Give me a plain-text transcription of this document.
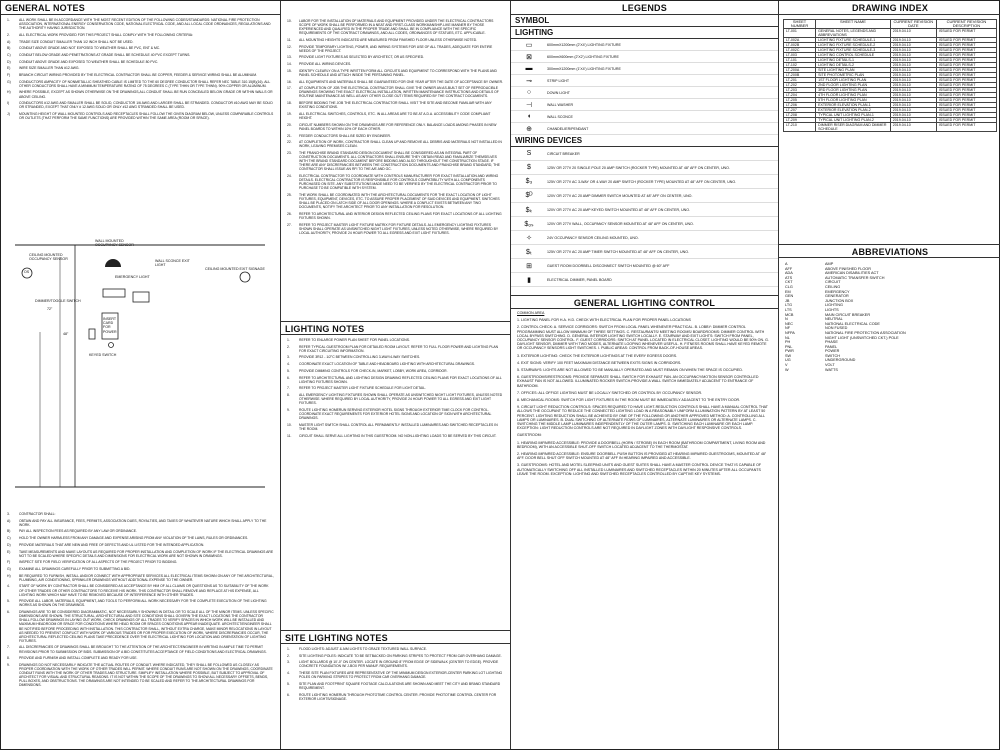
GENERAL NOTES
1.	ALL WORK SHALL BE IN ACCORDANCE WITH THE MOST RECENT EDITION OF THE FOLLOWING CODES/STANDARDS: NATIONAL FIRE PROTECTION ASSOCIATION, INTERNATIONAL ENERGY CONSERVATION CODE, NATIONAL ELECTRICAL CODE, AND ALL LOCAL CODE ORDINANCES, REGULATIONS AND THE AUTHORITY HAVING JURISDICTION.
2.	ALL ELECTRICAL WORK PROVIDED FOR THIS PROJECT SHALL COMPLY WITH THE FOLLOWING CRITERIA:
A)	TRADE SIZE CONDUIT SMALLER THAN 1/2 INCH SHALL NOT BE USED.
B)	CONDUIT ABOVE GRADE AND NOT EXPOSED TO WEATHER SHALL BE PVC, ENT & MC.
C)	CONDUIT BELOW GRADE AND PENETRATIONS AT GRADE SHALL BE SCHEDULE 40 PVC EXCEPT TURNS.
D)	CONDUIT ABOVE GRADE AND EXPOSED TO WEATHER SHALL BE SCHEDULE 80 PVC.
E)	WIRE SIZE SMALLER THAN #12 AWG.
F)	BRANCH CIRCUIT WIRING PROVIDED BY THE ELECTRICAL CONTRACTOR SHALL BE COPPER, FEEDER & SERVICE WIRING SHALL BE ALUMINUM.
G)	CONDUCTORS AMPACITY OF NONMETALLIC SHEATHED CABLE IS LIMITED TO THE 60 DEGREE CONDUCTOR SHALL REFER NEC TABLE 310.15(B)(16). ALL OTHER CONDUCTORS SHALL HAVE A MINIMUM TEMPERATURE RATING OF 75 DEGREES C (TYPE THHN OR TYPE THWN). 90% COPPER OR ALUMINUM.
H)	WHERE POSSIBLE, EXCEPT AS SHOWN OTHERWISE ON THE DRAWINGS,ALL CONDUIT SHALL BE RUN CONCEALED BELOW GRADE OR WITHIN WALLS OR ABOVE CEILING.
I)	CONDUCTORS #12 AWG AND SMALLER SHALL BE SOLID, CONDUCTOR 1/6 AWG AND LARGER SHALL BE STRANDED. CONDUCTOR #10 AWG MAY BE SOLID OR STRANDED, EXCEPT THAT ONLY # 12 AWG SOLID OR ONLY #12 AWG STRANDED SHALL BE USED.
J)	MOUNTING HEIGHT OF WALL MOUNTED CONTROLS AND RECEPTACLES SHALL FOLLOW THE GIVEN DIAGRAM BELOW, UNLESS COMPARABLE CONTROLS OR OUTLETS (THAT PERFORM THE SAME FUNCTIONS) ARE PROVIDED WITHIN THE SAME AREA (ROOM OR SPACE).
CEILING MOUNTED OCCUPANCY SENSOR
OS
WALL MOUNTED OCCUPANCY SENSOR
EMERGENCY LIGHT
WALL SCONCE EXIT LIGHT
CEILING MOUNTED EXIT SIGNAGE
DIMMER/TOGGLE SWITCH
INSERT CARD FOR POWER
KEYED SWITCH
72"
48"
3.	CONTRACTOR SHALL:
A)	OBTAIN AND PAY ALL INSURANCE, FEES, PERMITS, ASSOCIATION DUES, ROYALTIES, AND TAXES OF WHATEVER NATURE WHICH SHALL APPLY TO THE WORK.
B)	PAY ALL INSPECTION FEES AS REQUIRED BY ANY LAW OR ORDINANCE.
C)	HOLD THE OWNER HARMLESS FROM ANY DAMAGE AND EXPENSE ARISING FROM ANY VIOLATION OF THE LAWS, RULES OR ORDINANCES.
D)	PROVIDE MATERIALS THAT ARE NEW AND FREE OF DEFECTS AND UL LISTED FOR THE INTENDED APPLICATION.
E)	TAKE MEASUREMENTS AND MAKE LAYOUTS AS REQUIRED FOR PROPER INSTALLATION AND COMPLETION OF WORK IF THE ELECTRICAL DRAWINGS ARE NOT TO BE SCALED WHERE SPECIFIC DETAILS AND DIMENSIONS FOR ELECTRICAL WORK ARE NOT SHOWN IN DRAWINGS.
F)	INSPECT SITE FOR FIELD VERIFICATION OF ALL ASPECTS OF THE PROJECT PRIOR TO BIDDING.
G)	EXAMINE ALL DRAWINGS CAREFULLY PRIOR TO SUBMITTING A BID.
H)	BE REQUIRED TO FURNISH, INSTALL AND/OR CONNECT WITH APPROPRIATE SERVICES ALL ELECTRICAL ITEMS SHOWN ON ANY OF THE ARCHITECTURAL, PLUMBING, AIR CONDITIONING, SPRINKLER DRAWINGS WITHOUT ADDITIONAL EXPENSE TO THE OWNER.
4.	START OF WORK BY CONTRACTOR SHALL BE CONSIDERED AS ACCEPTANCE BY HIM OF ALL CLAIMS OR QUESTIONS AS TO SUITABILITY OF THE WORK OF OTHER TRADES OR OTHER CONTRACTORS TO RECEIVE HIS WORK. THIS CONTRACTOR SHALL REMOVE AND REPLACE AT HIS EXPENSE, ALL LIGHTING WORK WHICH MAY HAVE TO BE REMOVED BECAUSE OF INTERFERENCE WITH OTHER TRADES.
5.	PROVIDE ALL LABOR, MATERIALS, EQUIPMENT, AND TOOLS TO PERFORM ALL WORK NECESSARY FOR THE COMPLETE EXECUTION OF THE LIGHTING WORKS AS SHOWN ON THE DRAWINGS.
6.	DRAWINGS ARE TO BE CONSIDERED DIAGRAMMATIC, NOT NECESSARILY SHOWING IN DETAIL OR TO SCALE ALL OF THE MINOR ITEMS. UNLESS SPECIFIC DIMENSIONS ARE SHOWN. THE STRUCTURAL, ARCHITECTURAL AND SITE CONDITIONS SHALL GOVERN THE EXACT LOCATIONS THE CONTRACTOR SHALL FOLLOW DRAWINGS IN LAYING OUT WORK, CHECK DRAWINGS OF ALL TRADES TO VERIFY SPACES IN WHICH WORK WILL BE INSTALLED AND MAXIMUM HEADROOM OR SPACE FOR CONDITIONS WHERE HEAD ROOM OR SPACES CONDITIONS APPEAR INADEQUATE. ARCHITECT/ENGINEER SHALL BE NOTIFIED BEFORE PROCEEDING WITH INSTALLATION. THIS CONTRACTOR SHALL, WITHOUT EXTRA CHARGE, MAKE MINOR RELOCATIONS IN LAYOUT AS NEEDED TO PREVENT CONFLICT WITH WORK OF VARIOUS TRADES OR FOR PROPER EXECUTION OF WORK, WHERE DISCREPANCIES OCCUR, THE ARCHITECTURAL REFLECTED CEILING PLANS TAKE PRECEDENCE OVER THE ELECTRICAL LIGHTING FOR LOCATION AND ORIENTATION OF LIGHTING FIXTURES.
7.	ALL DISCREPANCIES OF DRAWINGS SHALL BE BROUGHT TO THE ATTENTION OF THE ARCHITECT/ENGINEER IN WRITING IN AMPLE TIME TO PERMIT REVISIONS PRIOR TO SUBMISSION OF BIDS. SUBMISSION OF A BID CONSTITUTES ACCEPTANCE OF FIELD CONDITIONS AND ELECTRICAL DRAWINGS.
8.	PROVIDE AND FURNISH AND INSTALL COMPLETE AND READY FOR USE.
9.	DRAWINGS DO NOT NECESSARILY INDICATE THE ACTUAL ROUTES OF CONDUIT. WHERE INDICATED, THEY SHALL BE FOLLOWED AS CLOSELY AS PROPER COORDINATION WITH THE WORK OF OTHER TRADES WILL PERMIT. WHERE CONDUIT RUNS ARE NOT SHOWN ON THE DRAWINGS, COORDINATE CONDUIT RUNS WITH THE WORK OF OTHER TRADES AND STRUCTURE. SIMPLIFY INSTALLATION WHERE POSSIBLE, BUT SUBJECT TO APPROVAL OF ARCHITECT FOR VISUAL AND STRUCTURAL REASONS. IT IS NOT WITHIN THE SCOPE OF THE DRAWINGS TO SHOW ALL NECESSARY OFFSETS, BENDS, PULL BOXES, AND OBSTRUCTIONS. THE DRAWINGS ARE NOT INTENDED TO BE SCALED AND REFER TO THE ARCHITECTURAL DRAWINGS FOR DIMENSIONS.
10.	LABOR FOR THE INSTALLATION OF MATERIALS AND EQUIPMENT PROVIDED UNDER THE ELECTRICAL CONTRACTORS SCOPE OF WORK SHALL BE PERFORMED IN A NEAT AND FIRST-CLASS WORKMANSHIP-LIKE MANNER BY THOSE EXPERIENCED AND QUALIFIED IN THE PROPER TRADE AND SHALL BE IN COMPLIANCE WITH THE SPECIFIC REQUIREMENTS OF THE CONTRACT DRAWINGS, AND ALL CODES, ORDINANCES OF STATUES, ETC. APPLICABLE.
11.	ALL MOUNTING HEIGHTS INDICATED ARE MEASURED FROM FINISHED FLOOR UNLESS OTHERWISE NOTED.
12.	PROVIDE TEMPORARY LIGHTING, POWER, AND WIRING SYSTEMS FOR USE OF ALL TRADES, ADEQUATE FOR ENTIRE NEEDS OF THE PROJECT.
13.	PROVIDE LIGHT FIXTURES AS SELECTED BY ARCHITECT, OR AS SPECIFIED.
14.	PROVIDE ALL WIRING DEVICES.
15.	IDENTIFY CLEARLY ON A TYPE WRITTEN FORM ALL CIRCUITS AND EQUIPMENT TO CORRESPOND WITH THE PLANS AND PANEL SCHEDULE AND ATTACH INSIDE THE PERTAINING PANEL.
16.	ALL EQUIPMENTS AND MATERIALS SHALL BE GUARANTEED FOR ONE YEAR AFTER THE DATE OF ACCEPTANCE BY OWNER.
17.	AT COMPLETION OF JOB THE ELECTRICAL CONTRACTOR SHALL GIVE THE OWNER AN AS-BUILT SET OF REPRODUCIBLE DRAWINGS SHOWING THE EXACT ELECTRICAL INSTALLATION, WRITTEN MAINTENANCE INSTRUCTIONS AND DETAILS OF ROUTINE MAINTENANCE AS WELL AS ANY OTHER CLOSE OUT ITEMS REQUIRED BY THE CONTRACT DOCUMENTS.
18.	BEFORE BIDDING THE JOB THE ELECTRICAL CONTRACTOR SHALL VISIT THE SITE AND BECOME FAMILIAR WITH ANY EXISTING CONDITIONS.
19.	ALL ELECTRICAL SWITCHES, CONTROLS, ETC. IN ALL AREAS ARE TO BE AT A.D.A. ACCESSIBILITY CODE COMPLIANT HEIGHT.
20.	CIRCUIT NUMBERS SHOWN ON THE DRAWINGS ARE FOR REFERENCE ONLY. BALANCE LOADS AMONG PHASES IN NEW PANEL BOARDS TO WITHIN 10% OF EACH OTHER.
21.	FEEDER CONDUCTORS SHALL BE SIZED BY ENGINEER.
22.	AT COMPLETION OF WORK, CONTRACTOR SHALL CLEAN UP AND REMOVE ALL DEBRIS AND MATERIALS NOT INSTALLED IN WORK, LEAVING PREMISES CLEAN.
23.	THE FRANCHISE BRAND STANDARD DESIGN DOCUMENT SHALL BE CONSIDERED AS AN INTEGRAL PART OF CONSTRUCTION DOCUMENTS. ALL CONTRACTORS SHALL ENSURE THEY OBTAIN READ AND FAMILIARIZE THEMSELVES WITH THE BRAND STANDARD DOCUMENT BEFORE BIDDING AND ALSO THROUGHOUT THE CONSTRUCTION STAGE. IF THERE ARE ANY DISCREPANCIES BETWEEN THE CONSTRUCTION DOCUMENTS AND FRANCHISE BRAND STANDARD, THE CONTRACTOR SHALL ISSUE AN RFI TO THE A/E AND GC.
24.	ELECTRICAL CONTRACTOR TO COORDINATE WITH CONTROLS MANUFACTURER FOR EXACT INSTALLATION AND WIRING DETAILS. ELECTRICAL CONTRACTOR IS RESPONSIBLE FOR CONTROLS COMPATIBILITY WITH ALL COMPONENTS PURCHASED ON SITE. ANY SUBSTITUTIONS MADE NEED TO BE VERIFIED BY THE ELECTRICAL CONTRACTOR PRIOR TO PURCHASE TO BE COMPATIBLE WITH SYSTEM.
25.	THE WORK SHALL BE COORDINATED WITH THE ARCHITECTURAL DOCUMENTS FOR THE EXACT LOCATION OF LIGHT FIXTURES, EQUIPMENT, DEVICES, ETC. TO ASSURE PROPER PLACEMENT OF SAID DEVICES AND EQUIPMENT. SWITCHES SHALL BE PLACED ON LATCH SIDE OF ALL DOOR OPENINGS. WHERE A CONFLICT EXISTS BETWEEN ANY TWO DOCUMENTS, NOTIFY THE ARCHITECT PRIOR TO ANY INSTALLATION FOR RESOLUTION.
26.	REFER TO ARCHITECTURAL AND INTERIOR DESIGN REFLECTED CEILING PLANS FOR EXACT LOCATIONS OF ALL LIGHTING FIXTURES SHOWN.
27.	REFER TO PROJECT MASTER LIGHT FIXTURE MATRIX FOR FIXTURE DETAILS. ALL EMERGENCY LIGHTING FIXTURES SHOWN SHALL OPERATE AS UNSWITCHED NIGHT LIGHT FIXTURES, UNLESS NOTED OTHERWISE, WHERE REQUIRED BY LOCAL AUTHORITY, PROVIDE 24 HOUR POWER TO ALL EGRESS AND EXIT LIGHT FIXTURES.
LIGHTING NOTES
1.	REFER TO ENLARGE POWER PLAN SHEET FOR PANEL LOCATIONS.
2.	REFER TYPICAL GUESTROOM PLAN FOR DETAILED ROOM LAYOUT. REFER TO FULL FLOOR POWER AND LIGHTING PLAN FOR EXACT CIRCUITING INFORMATION.
3.	PROVIDE 3R12 - 1/2"C BETWEEN CONTROLLING 3-WAY/4-WAY SWITCHES.
4.	COORDINATE EXACT LOCATION OF TABLE AND HEADBOARD LIGHTING WITH ARCHITECTURAL DRAWINGS.
5.	PROVIDE DIMMING CONTROLS FOR CHECK-IN, MARKET, LOBBY, WORK AREA, CORRIDOR.
6.	REFER TO ARCHITECTURAL AND LIGHTING DESIGN DRAWING REFLECTED CEILING PLANS FOR EXACT LOCATIONS OF ALL LIGHTING FIXTURES SHOWN.
7.	REFER TO PROJECT MASTER LIGHT FIXTURE SCHEDULE FOR LIGHT DETAIL.
8.	ALL EMERGENCY LIGHTING FIXTURES SHOWN SHALL OPERATE AS UNSWITCHED NIGHT LIGHT FIXTURES, UNLESS NOTED OTHERWISE. WHERE REQUIRED BY LOCAL AUTHORITY, PROVIDE 24 HOUR POWER TO ALL EGRESS AND EXIT LIGHT FIXTURES.
9.	ROUTE LIGHTING HOMERUN SERVING EXTERIOR HOTEL SIGNS THROUGH EXTERIOR TIME CLOCK FOR CONTROL. COORDINATE EXACT REQUIREMENTS FOR EXTERIOR HOTEL SIGNS AND LOCATION OF SIGN WITH ARCHITECTURAL DRAWINGS.
10.	MASTER LIGHT SWITCH SHALL CONTROL ALL PERMANENTLY INSTALLED LUMINAIRES AND SWITCHED RECEPTACLES IN THE ROOM.
11.	CIRCUIT SHALL SERVE ALL LIGHTING IN THIS GUESTROOM. NO NON-LIGHTING LOADS TO BE SERVED BY THIS CIRCUIT.
SITE LIGHTING NOTES
1.	FLOOD LIGHTS: ADJUST & AIM LIGHTS TO GRAZE TEXTURED WALL SURFACE.
2.	SITE LIGHTING POLES: INDICATE TO BE SETBACKED ON PARKING STRIPES TO PROTECT FROM CAR OVERHANG DAMAGE.
3.	LIGHT BOLLARDS @ 10'-0" ON CENTER. LOCATE IN GROUND 8" FROM EDGE OF SIDEWALK (CENTER TO EDGE). PROVIDE CONCRETE FOUNDATION W/ J-BOX PER MANUF. REQUIREMENTS.
4.	THESE SITE PLAN FIXTURES ARE REPRESENTATIVE OF THE MINIMUM DESIGN EXTERIOR-CENTER PARKING LOT LIGHTING POLES ON PARKING STRIPES TO PROTECT FROM CAR OVERHANG DAMAGE.
5.	SITE PLAN AND FOOTPRINT SQUARE FOOTAGE CALCULATIONS ARE SHOWN AND MEET THE CITY AND BRAND STANDARD REQUIREMENT.
6.	ROUTE LIGHTING HOMERUN THROUGH PHOTOTIME CONTROL CENTER. PROVIDE PHOTOTIME CONTROL CENTER FOR EXTERIOR LIGHTS/SIGNAGE.
LEGENDS
SYMBOL
LIGHTING
▭	600mmX1200mm (2'X4') LIGHTING FIXTURE
⊠	600mmX600mm (2'X2') LIGHTING FIXTURE
▬	300mmX1200mm (1'X4') LIGHTING FIXTURE
⊸	STRIP LIGHT
○	DOWN LIGHT
⊣	WALL WASHER
◖	WALL SCONCE
⊕	CHANDELIER/PENDANT
WIRING DEVICES
S	CIRCUIT BREAKER
$	125V OR 277V 20 SINGLE POLE 20 AMP SWITCH (ROCKER TYPE) MOUNTED AT 48" AFF ON CENTER, UNO.
$₃	125V OR 277V AC 3-WAY OR 4-WAY 20 AMP SWITCH (ROCKER TYPE) MOUNTED AT 48" AFF ON CENTER, UNO.
$ᴰ	120V OR 277V AC 20 AMP DIMMER SWITCH MOUNTED AT 48" AFF ON CENTER, UNO.
$ₖ	120V OR 277V AC 20 AMP KEYED SWITCH MOUNTED AT 48" AFF ON CENTER, UNO.
$ₒₛ	120V OR 277V WALL, OCCUPANCY SENSOR MOUNTED AT 48" AFF ON CENTER, UNO.
✧	24V OCCUPANCY SENSOR CEILING MOUNTED, UNO.
$ₜ	125V OR 277V AC 20 AMP TIMER SWITCH MOUNTED AT 48" AFF ON CENTER, UNO.
⊞	GUEST ROOM DOORBELL DISCONNECT SWITCH MOUNTED @ 60" AFF
▮	ELECTRICAL DIMMER, PANEL BOARD
GENERAL LIGHTING CONTROL

COMMON AREA

1. LIGHTING PANEL FOR H.A. H.D. CHECK WITH ELECTRICAL PLAN FOR PROPER PANEL LOCATIONS

2. CONTROL CHECK: A. SERVICE CORRIDORS: SWITCH FROM LOCAL PANEL WHENEVER PRACTICAL. B. LOBBY: DIMMER CONTROL PROGRAMMING MUST ALLOW MINIMUM OF THREE SETTINGS. C. RESTAURANTS/ MEETING ROOMS/ BOARDROOMS: DIMMER CONTROL WITH LOCAL BYPASS SWITCHING. D. GENERAL INTERIOR LIGHTING SWITCH LOCALLY. E. STAIRWAY AND EXIT LIGHTS: SWITCH FROM PANEL, OCCUPANCY SENSOR CONTROL. F. GUEST CORRIDORS: SWITCH AT PANEL LOCATED IN ELECTRICAL CLOSET. LIGHTING WOULD BE 50% ON. G. DAYLIGHT SENSOR, DIMMER WITH TWO MODES, ALTERNATE LOOPING WHENEVER USEFUL. H. FITNESS ROOMS SHALL HAVE KEYED REMOTE OR OCCUPANCY SENSORS LIGHT SWITCHES. I. PUBLIC AREAS: CONTROL FROM BACK-OF-HOUSE AREAS.

3. EXTERIOR LIGHTING: CHECK THE EXTERIOR LIGHTINGS AT THE EVERY EGRESS DOORS.

4. EXIT SIGNS: VERIFY 100 FEET MAXIMUM DISTANCE BETWEEN EXITS SIGNS IN CORRIDORS.

5. STAIRWAYS: LIGHTS ARE NOT ALLOWED TO BE MANUALLY OPERATED AND MUST REMAIN ON WHEN THE SPACE IS OCCUPIED.

6. GUESTROOMS/RESTROOMS: PROVIDE SEPARATE SHALL SWITCH FOR EXHAUST FAN. AN OCCUPANCY/MOTION SENSOR CONTROLLED EXHAUST FAN IS NOT ALLOWED. ILLUMINATED ROCKER SWITCH-PROVIDE A WALL SWITCH IMMEDIATELY ADJACENT TO ENTRANCE OF BATHROOM.

7. OFFICES: ALL OFFICE LIGHTING MUST BE LOCALLY SWITCHED OR CONTROL BY OCCUPANCY SENSOR.

8. MECHANICAL ROOMS: SWITCH FOR LIGHT FIXTURES IN THE ROOM MUST BE IMMEDIATELY ADJACENT TO THE ENTRY DOOR.

9. CIRCUIT LIGHT REDUCTION CONTROLS: SPACES REQUIRED TO HAVE LIGHT-REDUCTION CONTROLS SHALL HAVE A MANUAL CONTROL THAT ALLOWS THE OCCUPANT TO REDUCE THE CONNECTED LIGHTING LOAD IN A REASONABLY UNIFORM ILLUMINATION PATTERN BY AT LEAST 50 PERCENT. LIGHTING REDUCTION SHALL BE ACHIEVED BY ONE OF THE FOLLOWING OR ANOTHER APPROVED METHOD: A. CONTROLLING ALL LAMPS OR LUMINAIRES. B. DUAL SWITCHING OF ALTERNATE ROWS OF LUMINAIRES, ALTERNATE LUMINAIRES OR ALTERNATE LAMPS. C. SWITCHING THE MIDDLE LAMP LUMINAIRES INDEPENDENTLY OF THE OUTER LAMPS. D. SWITCHING EACH LUMINAIRE OR EACH LAMP. EXCEPTION: LIGHT REDUCTION CONTROLS ARE NOT REQUIRED IN DAYLIGHT ZONES WITH DAYLIGHT RESPONSIVE CONTROLS.

GUESTROOM:

1. HEARING IMPAIRED ACCESSIBLE: PROVIDE A DOORBELL (HORN / STROBE) IN EACH ROOM (BATHROOM COMPARTMENT, LIVING ROOM AND BEDROOM), WITH AN ACCESSIBLE SHUT-OFF SWITCH LOCATED ADJACENT TO THE THERMOSTAT.

2. HEARING IMPAIRED ACCESSIBLE: ENSURE DOORBELL PUSH BUTTON IS PROVIDED AT HEARING IMPAIRED GUESTROOMS, MOUNTED AT 48" AFF. DOOR BELL SHUT OFF SWITCH MOUNTED AT 48" AFF IN HEARING IMPAIRED AND ACCESSIBLE.

3. GUESTROOMS: HOTEL AND MOTEL SLEEPING UNITS AND GUEST SUITES SHALL HAVE A MASTER CONTROL DEVICE THAT IS CAPABLE OF AUTOMATICALLY SWITCHING OFF ALL INSTALLED LUMINAIRES AND SWITCHED RECEPTACLES WITHIN 20 MINUTES AFTER ALL OCCUPANTS LEAVE THE ROOM. EXCEPTION: LIGHTING AND SWITCHED RECEPTACLES CONTROLLED BY CAPTIVE KEY SYSTEMS.

DRAWING INDEX
SHEET NUMBER	SHEET NAME	CURRENT REVISION DATE	CURRENT REVISION DESCRIPTION
LT-001	GENERAL NOTES, LEGENDS AND ABBREVIATIONS	2019.04.10	ISSUED FOR PERMIT
LT-002A	LIGHTING FIXTURE SCHEDULE-1	2019.04.10	ISSUED FOR PERMIT
LT-002B	LIGHTING FIXTURE SCHEDULE-2	2019.04.10	ISSUED FOR PERMIT
LT-002C	LIGHTING FIXTURE SCHEDULE-3	2019.04.10	ISSUED FOR PERMIT
LT-003	LIGHTING CONTROL SCHEDULE	2019.04.10	ISSUED FOR PERMIT
LT-101	LIGHTING DETAILS-1	2019.04.10	ISSUED FOR PERMIT
LT-102	LIGHTING DETAILS-2	2019.04.10	ISSUED FOR PERMIT
LT-200A	SITE LIGHTING PLAN	2019.04.10	ISSUED FOR PERMIT
LT-200B	SITE PHOTOMETRIC PLAN	2019.04.10	ISSUED FOR PERMIT
LT-201	1ST FLOOR LIGHTING PLAN	2019.04.10	ISSUED FOR PERMIT
LT-202	2ND FLOOR LIGHTING PLAN	2019.04.10	ISSUED FOR PERMIT
LT-203	3RD FLOOR LIGHTING PLAN	2019.04.10	ISSUED FOR PERMIT
LT-204	4TH FLOOR LIGHTING PLAN	2019.04.10	ISSUED FOR PERMIT
LT-205	5TH FLOOR LIGHTING PLAN	2019.04.10	ISSUED FOR PERMIT
LT-206	EXTERIOR ELEVATION PLAN-1	2019.04.10	ISSUED FOR PERMIT
LT-207	EXTERIOR ELEVATION PLAN-2	2019.04.10	ISSUED FOR PERMIT
LT-208	TYPICAL UNIT LIGHTING PLAN-1	2019.04.10	ISSUED FOR PERMIT
LT-209	TYPICAL UNIT LIGHTING PLAN-2	2019.04.10	ISSUED FOR PERMIT
LT-210	DIMMER RISER DIAGRAM AND DIMMER SCHEDULE	2019.04.10	ISSUED FOR PERMIT
ABBREVIATIONS
A	AMP
AFF	ABOVE FINISHED FLOOR
ADA	AMERICAN DISABILITIES ACT
ATS	AUTOMATIC TRANSFER SWITCH
CKT	CIRCUIT
CLG	CEILING
EM	EMERGENCY
GEN	GENERATOR
JB	JUNCTION BOX
LTG	LIGHTING
LTS	LIGHTS
MCB	MAIN CIRCUIT BREAKER
N	NEUTRAL
NEC	NATIONAL ELECTRICAL CODE
NF	NON FUSED
NFPA	NATIONAL FIRE PROTECTION ASSOCIATION
NL	NIGHT LIGHT (UNSWITCHED CKT.) POLE
PH	PHASE
PNL	PANEL
PWR	POWER
SW	SWITCH
UG	UNDERGROUND
V	VOLT
W	WATTS
